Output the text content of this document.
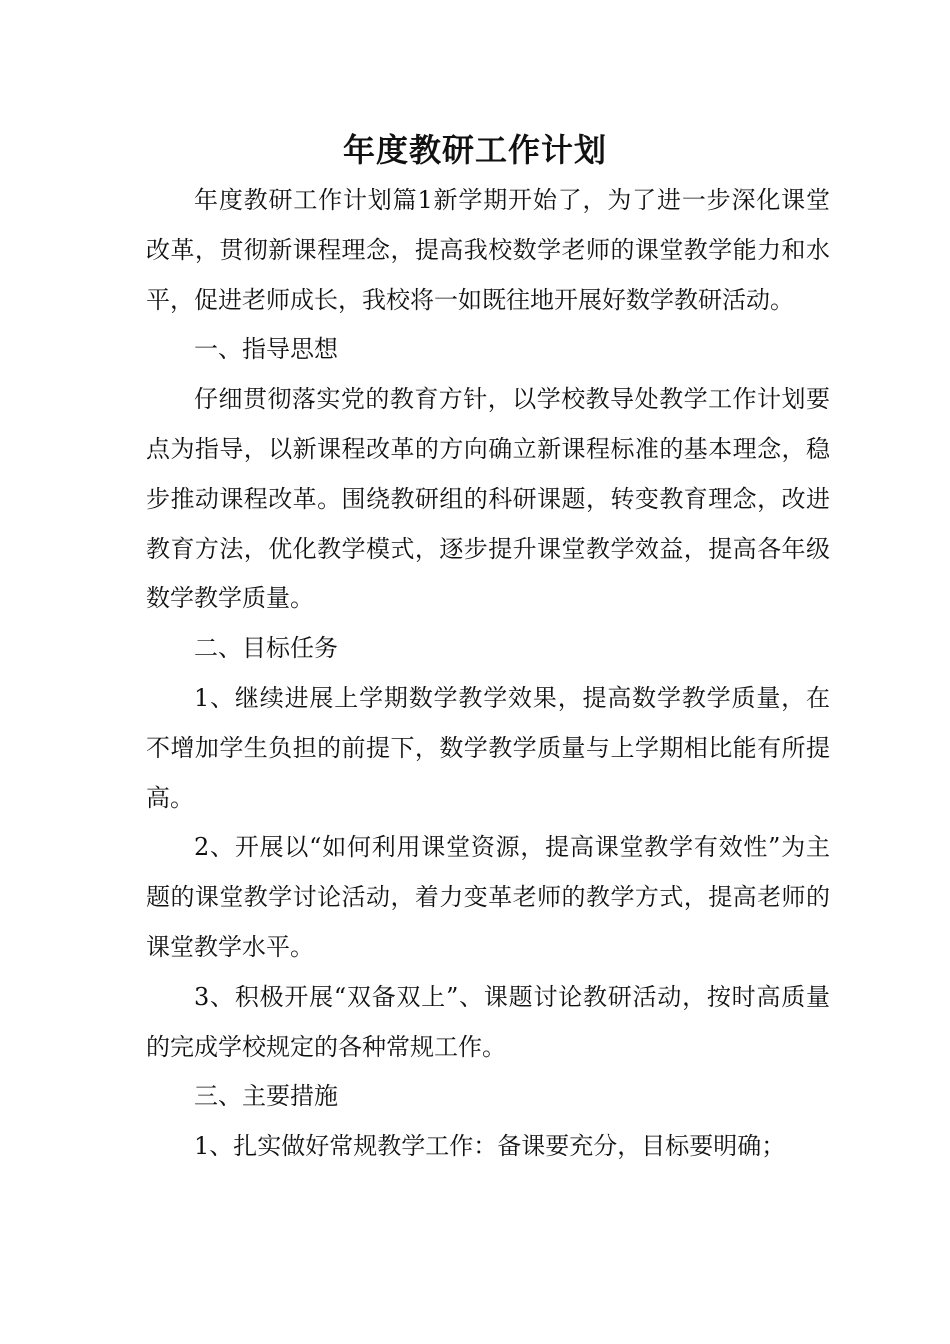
年度教研工作计划

年度教研工作计划篇1新学期开始了，为了进一步深化课堂改革，贯彻新课程理念，提高我校数学老师的课堂教学能力和水平，促进老师成长，我校将一如既往地开展好数学教研活动。

一、指导思想

仔细贯彻落实党的教育方针，以学校教导处教学工作计划要点为指导，以新课程改革的方向确立新课程标准的基本理念，稳步推动课程改革。围绕教研组的科研课题，转变教育理念，改进教育方法，优化教学模式，逐步提升课堂教学效益，提高各年级数学教学质量。

二、目标任务

1、继续进展上学期数学教学效果，提高数学教学质量，在不增加学生负担的前提下，数学教学质量与上学期相比能有所提高。

2、开展以“如何利用课堂资源，提高课堂教学有效性”为主题的课堂教学讨论活动，着力变革老师的教学方式，提高老师的课堂教学水平。

3、积极开展“双备双上”、课题讨论教研活动，按时高质量的完成学校规定的各种常规工作。

三、主要措施

1、扎实做好常规教学工作：备课要充分，目标要明确；
